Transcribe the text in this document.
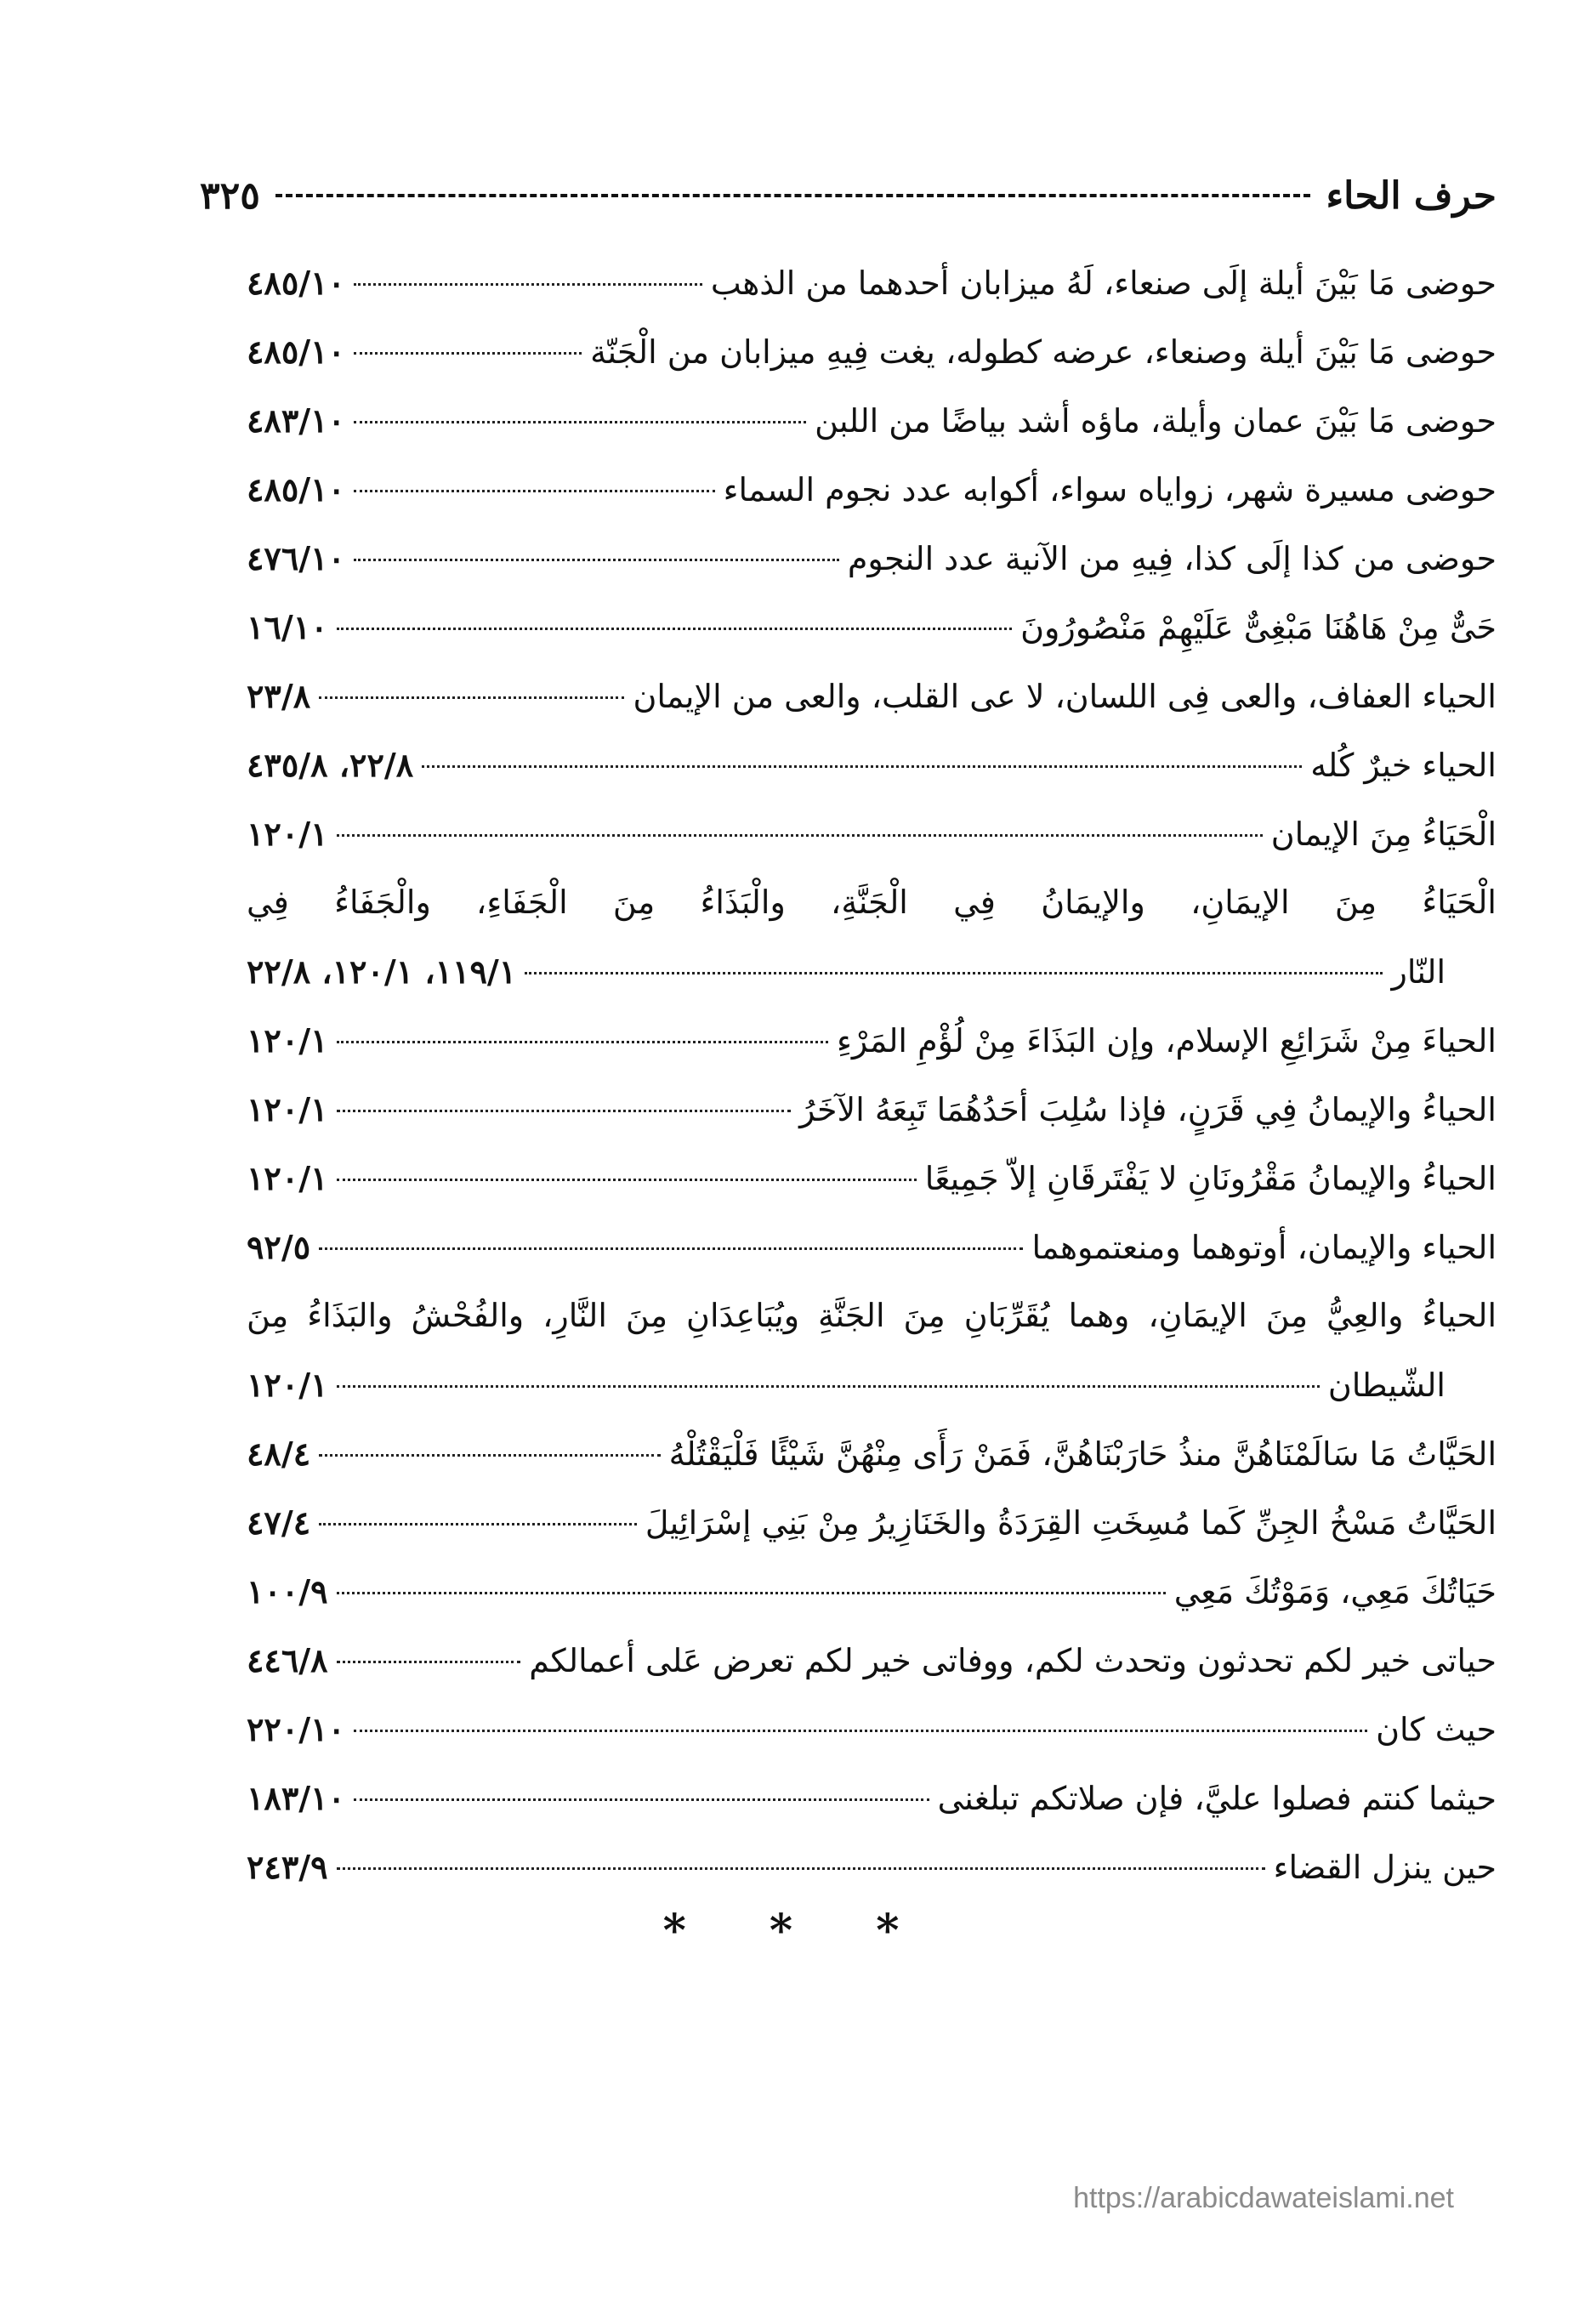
حرف الحاء
٣٢٥
حوضى مَا بَيْنَ أيلة إلَى صنعاء، لَهُ ميزابان أحدهما من الذهب
٤٨٥/١٠
حوضى مَا بَيْنَ أيلة وصنعاء، عرضه كطوله، يغت فِيهِ ميزابان من الْجَنّة
٤٨٥/١٠
حوضى مَا بَيْنَ عمان وأيلة، ماؤه أشد بياضًا من اللبن
٤٨٣/١٠
حوضى مسيرة شهر، زواياه سواء، أكوابه عدد نجوم السماء
٤٨٥/١٠
حوضى من كذا إلَى كذا، فِيهِ من الآنية عدد النجوم
٤٧٦/١٠
حَىٌّ مِنْ هَاهُنَا مَبْغِىٌّ عَلَيْهِمْ مَنْصُورُونَ
١٦/١٠
الحياء العفاف، والعى فِى اللسان، لا عى القلب، والعى من الإيمان
٢٣/٨
الحياء خيرٌ كُله
٢٢/٨، ٤٣٥/٨
الْحَيَاءُ مِنَ الإيمان
١٢٠/١
الْحَيَاءُ مِنَ الإيمَانِ، والإيمَانُ فِي الْجَنَّةِ، والْبَذَاءُ مِنَ الْجَفَاءِ، والْجَفَاءُ فِي
النّار
١١٩/١، ١٢٠/١، ٢٢/٨
الحياءَ مِنْ شَرَائِعِ الإسلام، وإن البَذَاءَ مِنْ لُؤْمِ المَرْءِ
١٢٠/١
الحياءُ والإيمانُ فِي قَرَنٍ، فإذا سُلِبَ أحَدُهُمَا تَبِعَهُ الآخَرُ
١٢٠/١
الحياءُ والإيمانُ مَقْرُونَانِ لا يَفْتَرقَانِ إلاّ جَمِيعًا
١٢٠/١
الحياء والإيمان، أوتوهما ومنعتموهما
٩٢/٥
الحياءُ والعِيُّ مِنَ الإيمَانِ، وهما يُقَرِّبَانِ مِنَ الجَنَّةِ ويُبَاعِدَانِ مِنَ النَّارِ، والفُحْشُ والبَذَاءُ مِنَ
الشّيطان
١٢٠/١
الحَيَّاتُ مَا سَالَمْنَاهُنَّ منذُ حَارَبْنَاهُنَّ، فَمَنْ رَأَى مِنْهُنَّ شَيْئًا فَلْيَقْتُلْهُ
٤٨/٤
الحَيَّاتُ مَسْخُ الجِنِّ كَما مُسِخَتِ القِرَدَةُ والخَنَازِيرُ مِنْ بَنِي إسْرَائِيلَ
٤٧/٤
حَيَاتُكَ مَعِي، وَمَوْتُكَ مَعِي
١٠٠/٩
حياتى خير لكم تحدثون وتحدث لكم، ووفاتى خير لكم تعرض عَلى أعمالكم
٤٤٦/٨
حيث كان
٢٢٠/١٠
حيثما كنتم فصلوا عليَّ، فإن صلاتكم تبلغنى
١٨٣/١٠
حين ينزل القضاء
٢٤٣/٩
* * *
https://arabicdawateislami.net
